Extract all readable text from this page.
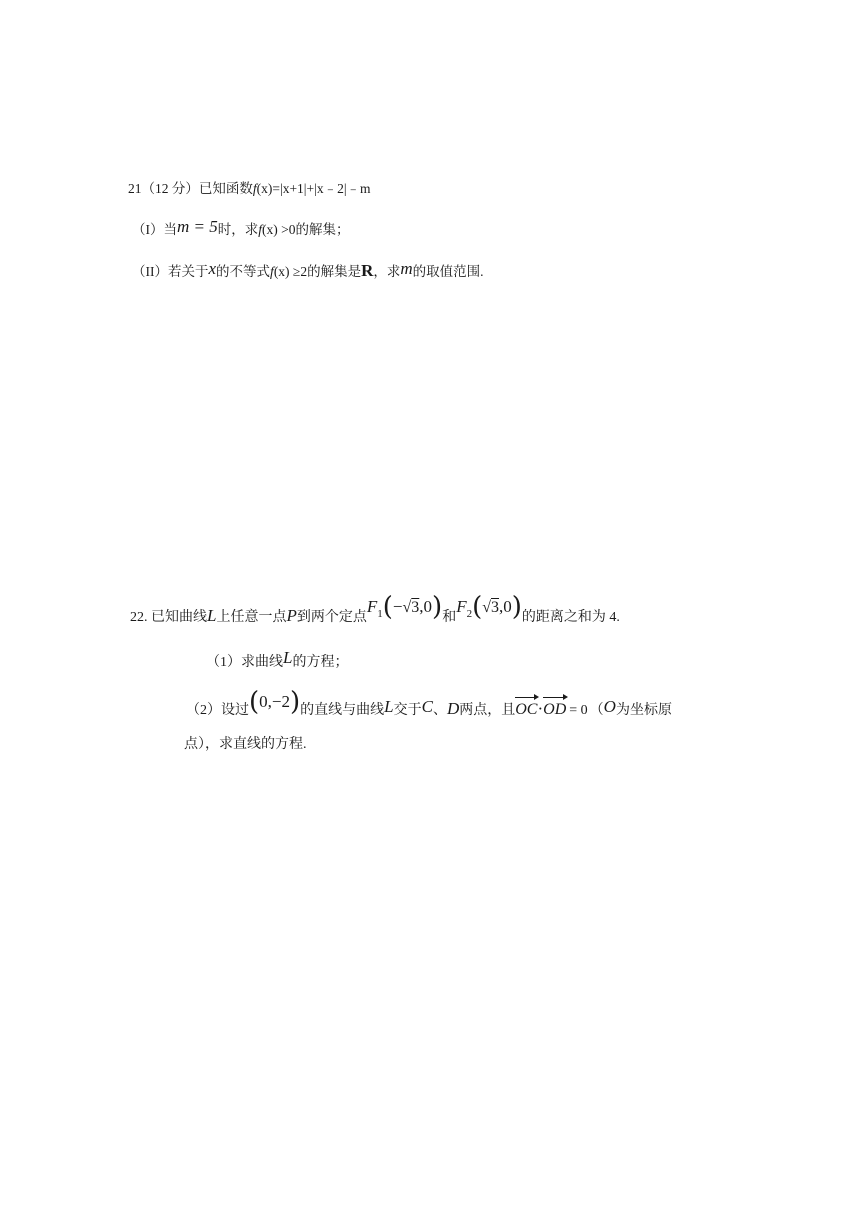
21（12 分）已知函数f(x)=|x+1|+|x﹣2|﹣m
（I）当m = 5时，求f(x) >0的解集；
（II）若关于x的不等式f(x) ≥2的解集是R，求m的取值范围.
22. 已知曲线L上任意一点P到两个定点$F_1(-√3,0)$和$F_2(√3,0)$的距离之和为 4.
（1）求曲线L的方程；
（2）设过(0,−2)的直线与曲线L交于C、D两点，且
OC·
OD = 0 （O为坐标原
点），求直线的方程.
